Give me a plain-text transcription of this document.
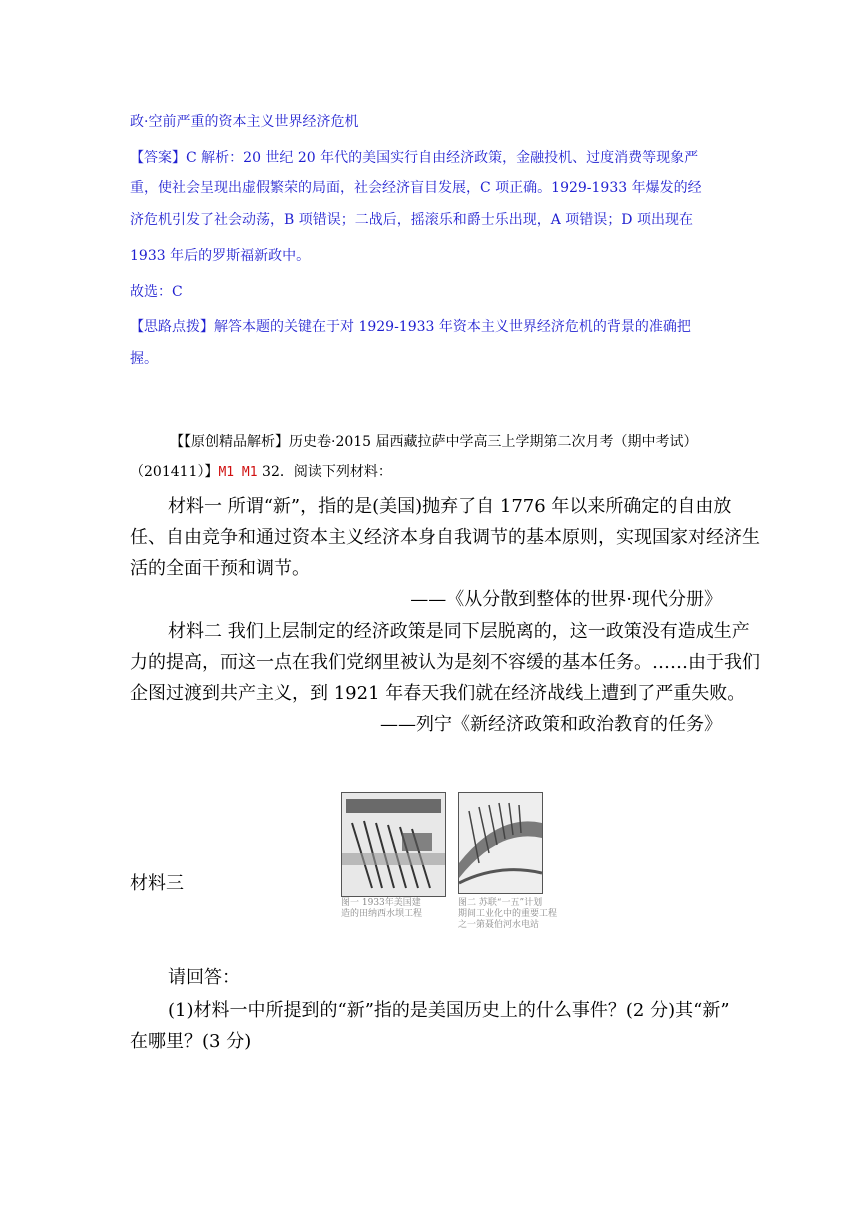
政·空前严重的资本主义世界经济危机
【答案】C 解析：20 世纪 20 年代的美国实行自由经济政策，金融投机、过度消费等现象严
重，使社会呈现出虚假繁荣的局面，社会经济盲目发展，C 项正确。1929-1933 年爆发的经
济危机引发了社会动荡，B 项错误；二战后，摇滚乐和爵士乐出现，A 项错误；D 项出现在
1933 年后的罗斯福新政中。
故选：C
【思路点拨】解答本题的关键在于对 1929-1933 年资本主义世界经济危机的背景的准确把
握。
【【原创精品解析】历史卷·2015 届西藏拉萨中学高三上学期第二次月考（期中考试）
（201411）】M1 M1 32．阅读下列材料：
材料一 所谓“新”，指的是(美国)抛弃了自 1776 年以来所确定的自由放
任、自由竞争和通过资本主义经济本身自我调节的基本原则，实现国家对经济生
活的全面干预和调节。
——《从分散到整体的世界·现代分册》
材料二 我们上层制定的经济政策是同下层脱离的，这一政策没有造成生产
力的提高，而这一点在我们党纲里被认为是刻不容缓的基本任务。……由于我们
企图过渡到共产主义，到 1921 年春天我们就在经济战线上遭到了严重失败。
——列宁《新经济政策和政治教育的任务》
材料三
图一 1933年美国建
造的田纳西水坝工程
图二 苏联“一五”计划
期间工业化中的重要工程
之一第聂伯河水电站
请回答：
(1)材料一中所提到的“新”指的是美国历史上的什么事件？(2 分)其“新”
在哪里？(3 分)
